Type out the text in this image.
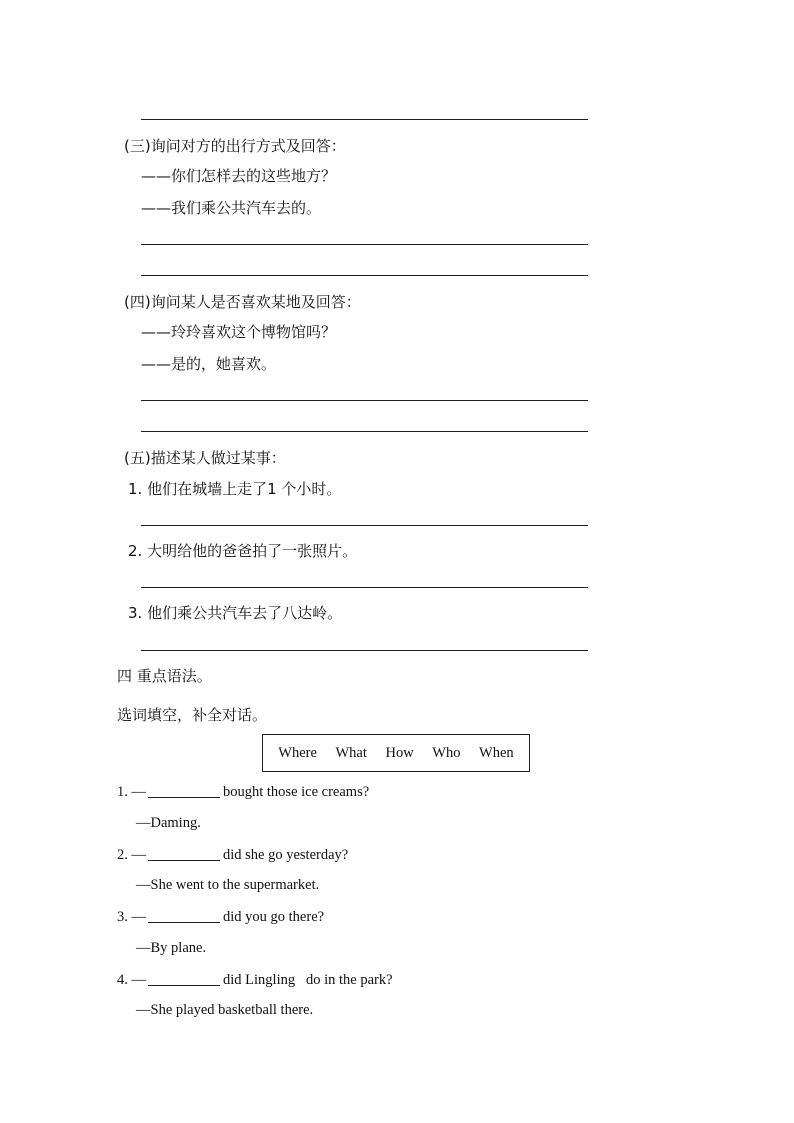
(三)询问对方的出行方式及回答：
——你们怎样去的这些地方？
——我们乘公共汽车去的。
(四)询问某人是否喜欢某地及回答：
——玲玲喜欢这个博物馆吗？
——是的，她喜欢。
(五)描述某人做过某事：
1. 他们在城墙上走了1 个小时。
2. 大明给他的爸爸拍了一张照片。
3. 他们乘公共汽车去了八达岭。
四 重点语法。
选词填空，补全对话。
Where What How Who When
1. —	bought those ice creams?
—Daming.
2. —	did she go yesterday?
—She went to the supermarket.
3. —	did you go there?
—By plane.
4. —	did Lingling   do in the park?
—She played basketball there.
